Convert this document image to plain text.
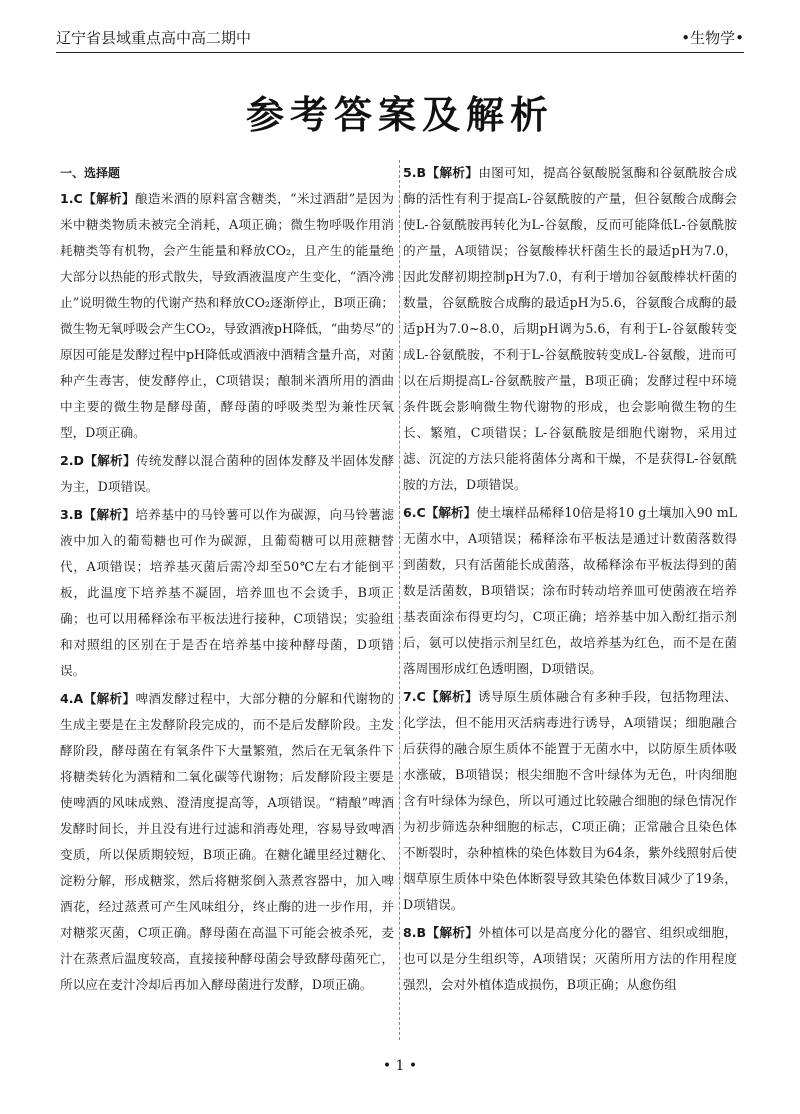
辽宁省县域重点高中高二期中	•生物学•
参考答案及解析
一、选择题
1.C【解析】酿造米酒的原料富含糖类，“米过酒甜”是因为米中糖类物质未被完全消耗，A项正确；微生物呼吸作用消耗糖类等有机物，会产生能量和释放CO₂，且产生的能量绝大部分以热能的形式散失，导致酒液温度产生变化，“酒冷沸止”说明微生物的代谢产热和释放CO₂逐渐停止，B项正确；微生物无氧呼吸会产生CO₂，导致酒液pH降低，“曲势尽”的原因可能是发酵过程中pH降低或酒液中酒精含量升高，对菌种产生毒害，使发酵停止，C项错误；酿制米酒所用的酒曲中主要的微生物是酵母菌，酵母菌的呼吸类型为兼性厌氧型，D项正确。
2.D【解析】传统发酵以混合菌种的固体发酵及半固体发酵为主，D项错误。
3.B【解析】培养基中的马铃薯可以作为碳源，向马铃薯滤液中加入的葡萄糖也可作为碳源，且葡萄糖可以用蔗糖替代，A项错误；培养基灭菌后需冷却至50℃左右才能倒平板，此温度下培养基不凝固，培养皿也不会烫手，B项正确；也可以用稀释涂布平板法进行接种，C项错误；实验组和对照组的区别在于是否在培养基中接种酵母菌，D项错误。
4.A【解析】啤酒发酵过程中，大部分糖的分解和代谢物的生成主要是在主发酵阶段完成的，而不是后发酵阶段。主发酵阶段，酵母菌在有氧条件下大量繁殖，然后在无氧条件下将糖类转化为酒精和二氧化碳等代谢物；后发酵阶段主要是使啤酒的风味成熟、澄清度提高等，A项错误。“精酿”啤酒发酵时间长，并且没有进行过滤和消毒处理，容易导致啤酒变质，所以保质期较短，B项正确。在糖化罐里经过糖化、淀粉分解，形成糖浆，然后将糖浆倒入蒸煮容器中，加入啤酒花，经过蒸煮可产生风味组分，终止酶的进一步作用，并对糖浆灭菌，C项正确。酵母菌在高温下可能会被杀死，麦汁在蒸煮后温度较高，直接接种酵母菌会导致酵母菌死亡，所以应在麦汁冷却后再加入酵母菌进行发酵，D项正确。
5.B【解析】由图可知，提高谷氨酸脱氢酶和谷氨酰胺合成酶的活性有利于提高L-谷氨酰胺的产量，但谷氨酸合成酶会使L-谷氨酰胺再转化为L-谷氨酸，反而可能降低L-谷氨酰胺的产量，A项错误；谷氨酸棒状杆菌生长的最适pH为7.0，因此发酵初期控制pH为7.0，有利于增加谷氨酸棒状杆菌的数量，谷氨酰胺合成酶的最适pH为5.6，谷氨酸合成酶的最适pH为7.0~8.0，后期pH调为5.6，有利于L-谷氨酸转变成L-谷氨酰胺，不利于L-谷氨酰胺转变成L-谷氨酸，进而可以在后期提高L-谷氨酰胺产量，B项正确；发酵过程中环境条件既会影响微生物代谢物的形成，也会影响微生物的生长、繁殖，C项错误；L-谷氨酰胺是细胞代谢物，采用过滤、沉淀的方法只能将菌体分离和干燥，不是获得L-谷氨酰胺的方法，D项错误。
6.C【解析】使土壤样品稀释10倍是将10 g土壤加入90 mL无菌水中，A项错误；稀释涂布平板法是通过计数菌落数得到菌数，只有活菌能长成菌落，故稀释涂布平板法得到的菌数是活菌数，B项错误；涂布时转动培养皿可使菌液在培养基表面涂布得更均匀，C项正确；培养基中加入酚红指示剂后，氨可以使指示剂呈红色，故培养基为红色，而不是在菌落周围形成红色透明圈，D项错误。
7.C【解析】诱导原生质体融合有多种手段，包括物理法、化学法，但不能用灭活病毒进行诱导，A项错误；细胞融合后获得的融合原生质体不能置于无菌水中，以防原生质体吸水涨破，B项错误；根尖细胞不含叶绿体为无色，叶肉细胞含有叶绿体为绿色，所以可通过比较融合细胞的绿色情况作为初步筛选杂种细胞的标志，C项正确；正常融合且染色体不断裂时，杂种植株的染色体数目为64条，紫外线照射后使烟草原生质体中染色体断裂导致其染色体数目减少了19条，D项错误。
8.B【解析】外植体可以是高度分化的器官、组织或细胞，也可以是分生组织等，A项错误；灭菌所用方法的作用程度强烈，会对外植体造成损伤，B项正确；从愈伤组
• 1 •
